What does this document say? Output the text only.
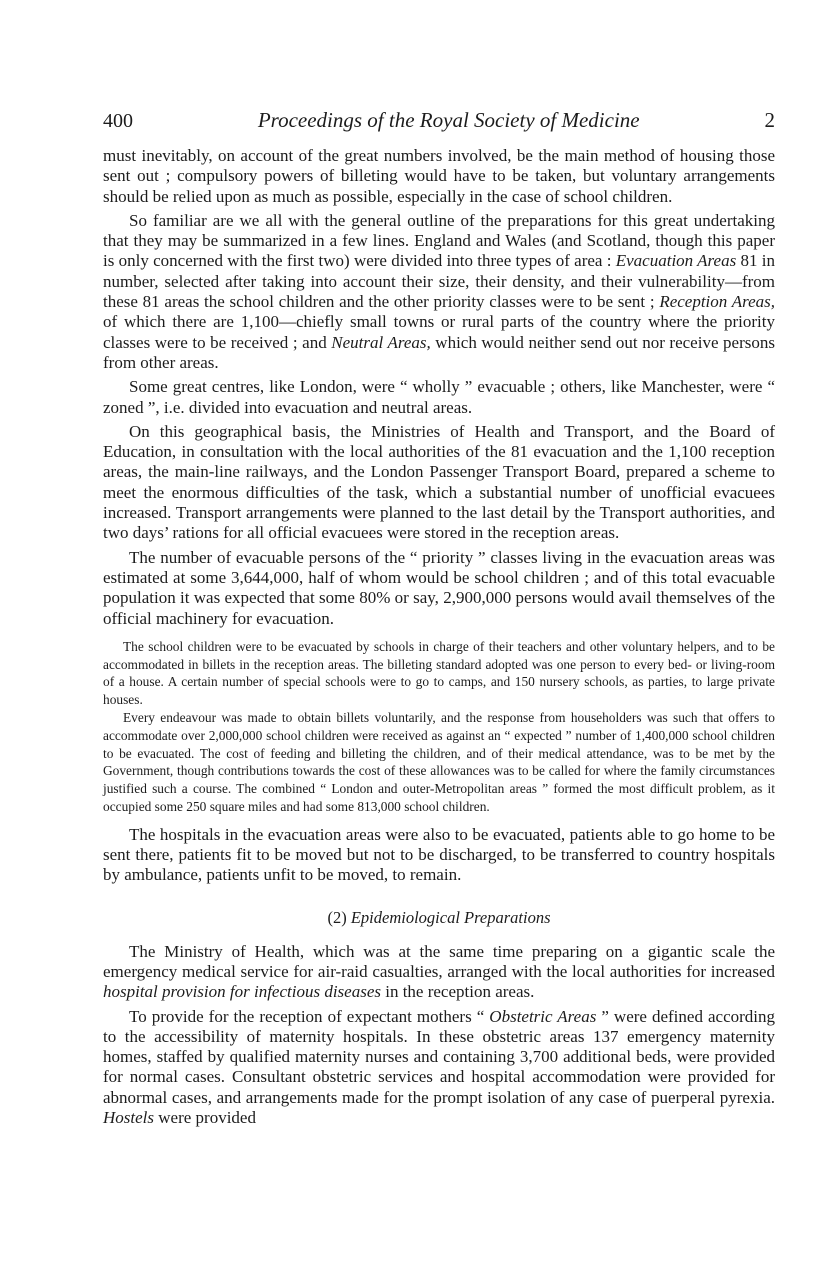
400	Proceedings of the Royal Society of Medicine	2

must inevitably, on account of the great numbers involved, be the main method of housing those sent out ; compulsory powers of billeting would have to be taken, but voluntary arrangements should be relied upon as much as possible, especially in the case of school children.

So familiar are we all with the general outline of the preparations for this great undertaking that they may be summarized in a few lines. England and Wales (and Scotland, though this paper is only concerned with the first two) were divided into three types of area : Evacuation Areas 81 in number, selected after taking into account their size, their density, and their vulnerability—from these 81 areas the school children and the other priority classes were to be sent ; Reception Areas, of which there are 1,100—chiefly small towns or rural parts of the country where the priority classes were to be received ; and Neutral Areas, which would neither send out nor receive persons from other areas.

Some great centres, like London, were “ wholly ” evacuable ; others, like Manchester, were “ zoned ”, i.e. divided into evacuation and neutral areas.

On this geographical basis, the Ministries of Health and Transport, and the Board of Education, in consultation with the local authorities of the 81 evacuation and the 1,100 reception areas, the main-line railways, and the London Passenger Transport Board, prepared a scheme to meet the enormous difficulties of the task, which a substantial number of unofficial evacuees increased. Transport arrangements were planned to the last detail by the Transport authorities, and two days’ rations for all official evacuees were stored in the reception areas.

The number of evacuable persons of the “ priority ” classes living in the evacuation areas was estimated at some 3,644,000, half of whom would be school children ; and of this total evacuable population it was expected that some 80% or say, 2,900,000 persons would avail themselves of the official machinery for evacuation.

The school children were to be evacuated by schools in charge of their teachers and other voluntary helpers, and to be accommodated in billets in the reception areas. The billeting standard adopted was one person to every bed- or living-room of a house. A certain number of special schools were to go to camps, and 150 nursery schools, as parties, to large private houses.

Every endeavour was made to obtain billets voluntarily, and the response from householders was such that offers to accommodate over 2,000,000 school children were received as against an “ expected ” number of 1,400,000 school children to be evacuated. The cost of feeding and billeting the children, and of their medical attendance, was to be met by the Government, though contributions towards the cost of these allowances was to be called for where the family circumstances justified such a course. The combined “ London and outer-Metropolitan areas ” formed the most difficult problem, as it occupied some 250 square miles and had some 813,000 school children.

The hospitals in the evacuation areas were also to be evacuated, patients able to go home to be sent there, patients fit to be moved but not to be discharged, to be transferred to country hospitals by ambulance, patients unfit to be moved, to remain.

(2) Epidemiological Preparations

The Ministry of Health, which was at the same time preparing on a gigantic scale the emergency medical service for air-raid casualties, arranged with the local authorities for increased hospital provision for infectious diseases in the reception areas.

To provide for the reception of expectant mothers “ Obstetric Areas ” were defined according to the accessibility of maternity hospitals. In these obstetric areas 137 emergency maternity homes, staffed by qualified maternity nurses and containing 3,700 additional beds, were provided for normal cases. Consultant obstetric services and hospital accommodation were provided for abnormal cases, and arrangements made for the prompt isolation of any case of puerperal pyrexia. Hostels were provided
